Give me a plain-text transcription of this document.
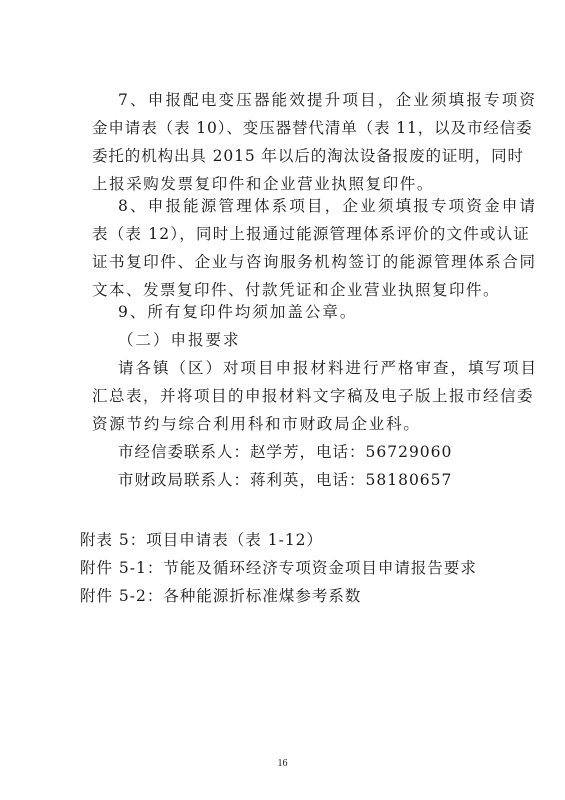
7、申报配电变压器能效提升项目，企业须填报专项资
金申请表（表 10）、变压器替代清单（表 11，以及市经信委
委托的机构出具 2015 年以后的淘汰设备报废的证明，同时
上报采购发票复印件和企业营业执照复印件。
8、申报能源管理体系项目，企业须填报专项资金申请
表（表 12），同时上报通过能源管理体系评价的文件或认证
证书复印件、企业与咨询服务机构签订的能源管理体系合同
文本、发票复印件、付款凭证和企业营业执照复印件。
9、所有复印件均须加盖公章。
（二）申报要求
请各镇（区）对项目申报材料进行严格审查，填写项目
汇总表，并将项目的申报材料文字稿及电子版上报市经信委
资源节约与综合利用科和市财政局企业科。
市经信委联系人：赵学芳，电话：56729060
市财政局联系人：蒋利英，电话：58180657
附表 5：项目申请表（表 1-12）
附件 5-1：节能及循环经济专项资金项目申请报告要求
附件 5-2：各种能源折标准煤参考系数
16
